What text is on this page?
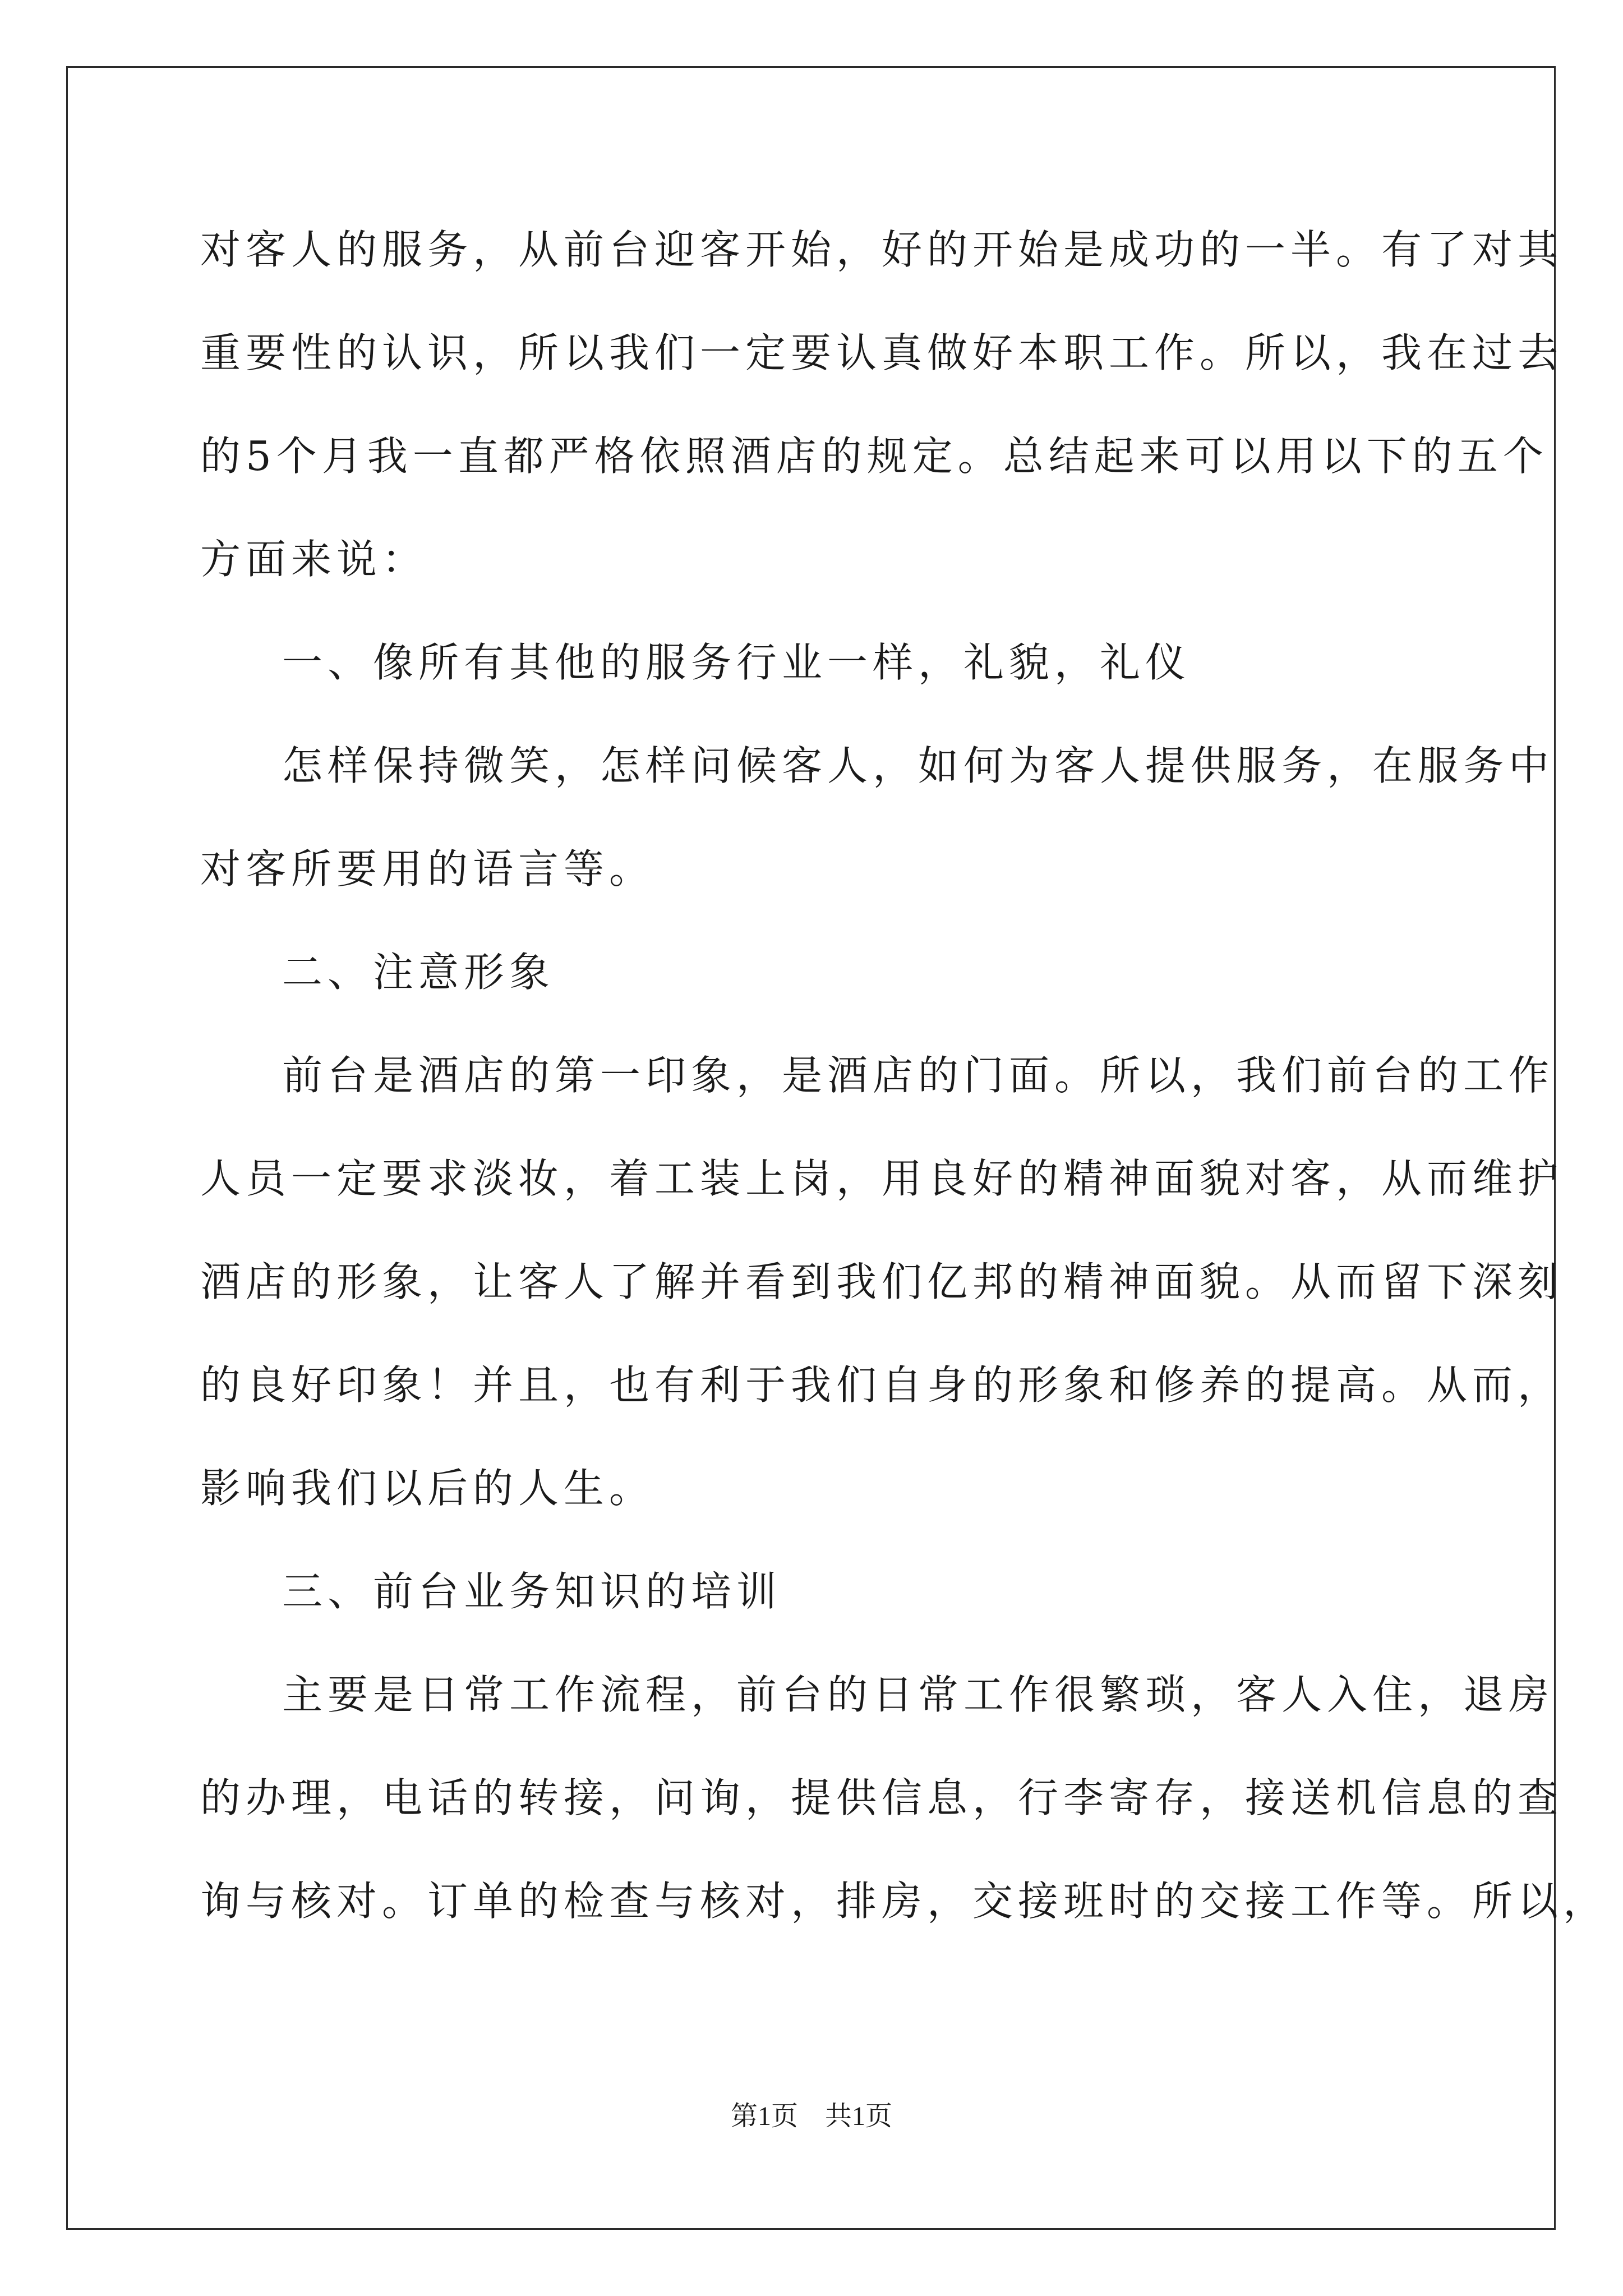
对客人的服务，从前台迎客开始，好的开始是成功的一半。有了对其
重要性的认识，所以我们一定要认真做好本职工作。所以，我在过去
的5个月我一直都严格依照酒店的规定。总结起来可以用以下的五个
方面来说：
一、像所有其他的服务行业一样，礼貌，礼仪
怎样保持微笑，怎样问候客人，如何为客人提供服务，在服务中
对客所要用的语言等。
二、注意形象
前台是酒店的第一印象，是酒店的门面。所以，我们前台的工作
人员一定要求淡妆，着工装上岗，用良好的精神面貌对客，从而维护
酒店的形象，让客人了解并看到我们亿邦的精神面貌。从而留下深刻
的良好印象！并且，也有利于我们自身的形象和修养的提高。从而，
影响我们以后的人生。
三、前台业务知识的培训
主要是日常工作流程，前台的日常工作很繁琐，客人入住，退房
的办理，电话的转接，问询，提供信息，行李寄存，接送机信息的查
询与核对。订单的检查与核对，排房，交接班时的交接工作等。所以，
第1页　共1页
